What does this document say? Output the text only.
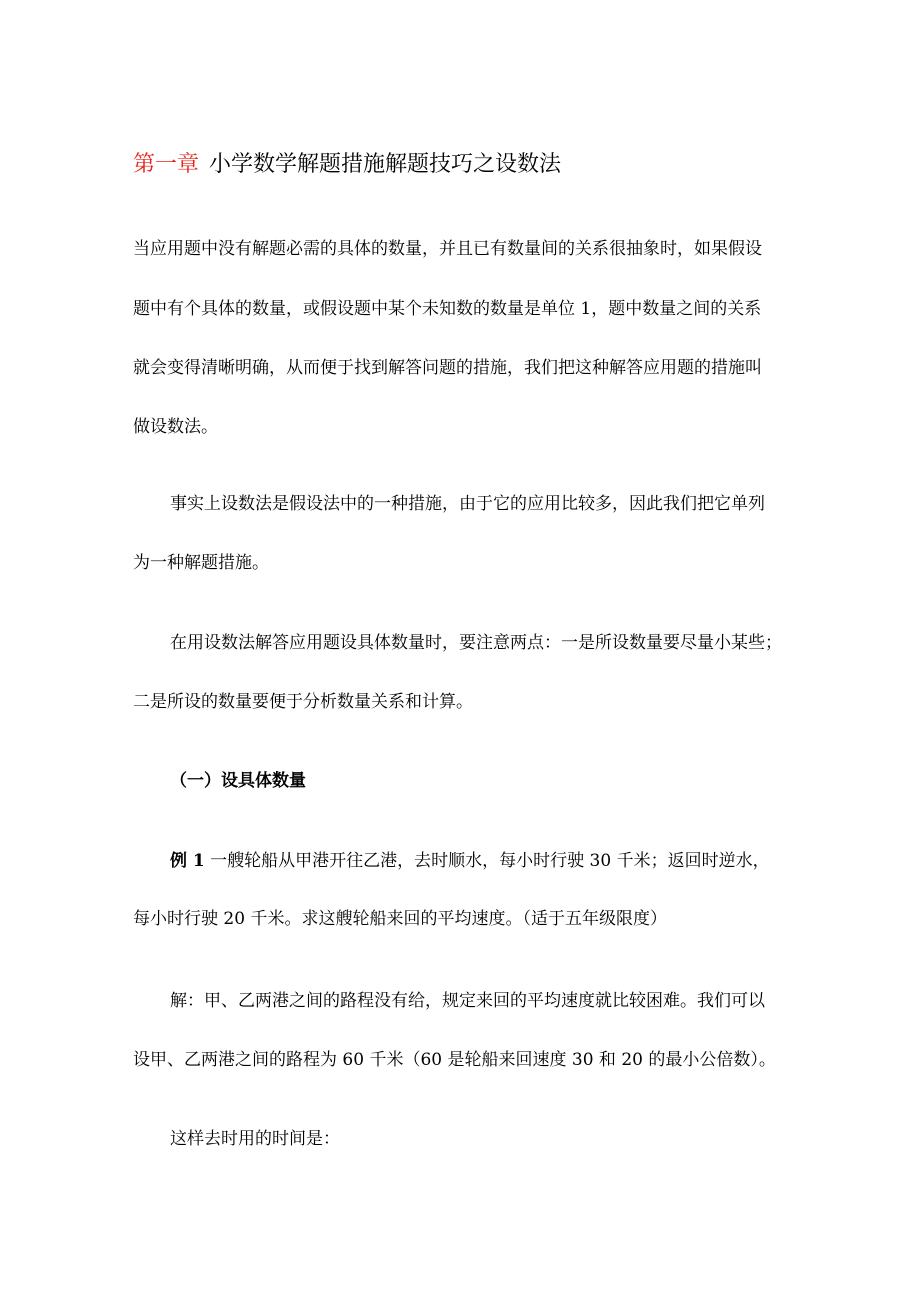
第一章 小学数学解题措施解题技巧之设数法
当应用题中没有解题必需的具体的数量，并且已有数量间的关系很抽象时，如果假设
题中有个具体的数量，或假设题中某个未知数的数量是单位 1，题中数量之间的关系
就会变得清晰明确，从而便于找到解答问题的措施，我们把这种解答应用题的措施叫
做设数法。
事实上设数法是假设法中的一种措施，由于它的应用比较多，因此我们把它单列
为一种解题措施。
在用设数法解答应用题设具体数量时，要注意两点：一是所设数量要尽量小某些；
二是所设的数量要便于分析数量关系和计算。
（一）设具体数量
例 1 一艘轮船从甲港开往乙港，去时顺水，每小时行驶 30 千米；返回时逆水，
每小时行驶 20 千米。求这艘轮船来回的平均速度。（适于五年级限度）
解：甲、乙两港之间的路程没有给，规定来回的平均速度就比较困难。我们可以
设甲、乙两港之间的路程为 60 千米（60 是轮船来回速度 30 和 20 的最小公倍数）。
这样去时用的时间是：
